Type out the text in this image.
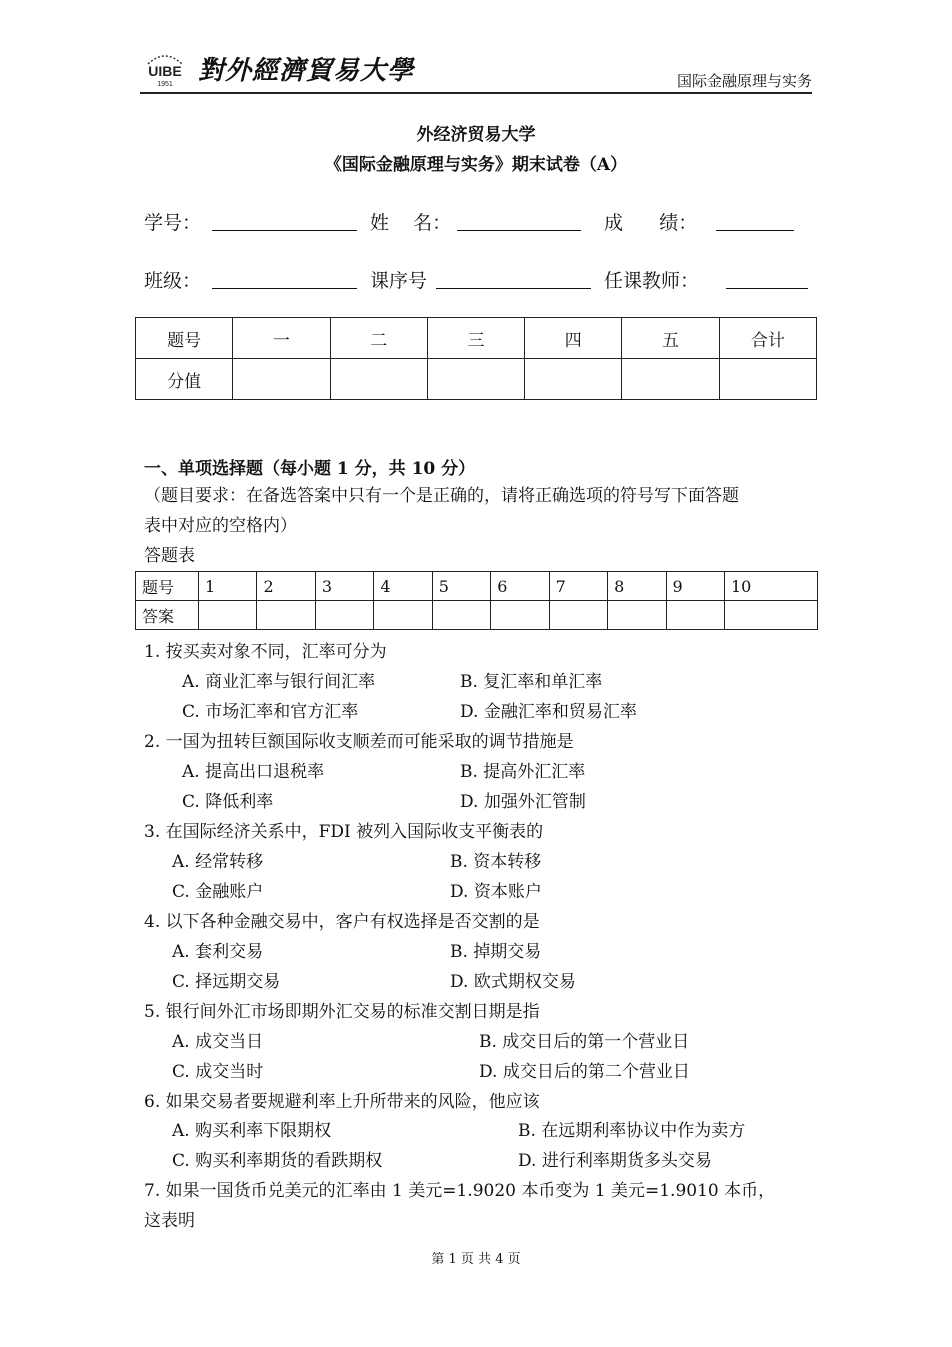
UIBE
1951 對外經濟貿易大學	国际金融原理与实务
外经济贸易大学
《国际金融原理与实务》期末试卷（A）
学号：	姓    名：	成      绩：
班级：	课序号	任课教师：
题号	一	二	三	四	五	合计
分值						
一、单项选择题（每小题 1 分，共 10 分）
（题目要求：在备选答案中只有一个是正确的，请将正确选项的符号写下面答题
表中对应的空格内）
答题表
题号	1	2	3	4	5	6	7	8	9	10
答案										
1. 按买卖对象不同，汇率可分为
A. 商业汇率与银行间汇率	B. 复汇率和单汇率
C. 市场汇率和官方汇率	D. 金融汇率和贸易汇率
2. 一国为扭转巨额国际收支顺差而可能采取的调节措施是
A. 提高出口退税率	B. 提高外汇汇率
C. 降低利率	D. 加强外汇管制
3. 在国际经济关系中，FDI 被列入国际收支平衡表的
A. 经常转移	B. 资本转移
C. 金融账户	D. 资本账户
4. 以下各种金融交易中，客户有权选择是否交割的是
A. 套利交易	B. 掉期交易
C. 择远期交易	D. 欧式期权交易
5. 银行间外汇市场即期外汇交易的标准交割日期是指
A. 成交当日	B. 成交日后的第一个营业日
C. 成交当时	D. 成交日后的第二个营业日
6. 如果交易者要规避利率上升所带来的风险，他应该
A. 购买利率下限期权	B. 在远期利率协议中作为卖方
C. 购买利率期货的看跌期权	D. 进行利率期货多头交易
7. 如果一国货币兑美元的汇率由 1 美元=1.9020 本币变为 1 美元=1.9010 本币，
这表明
第 1 页 共 4 页
